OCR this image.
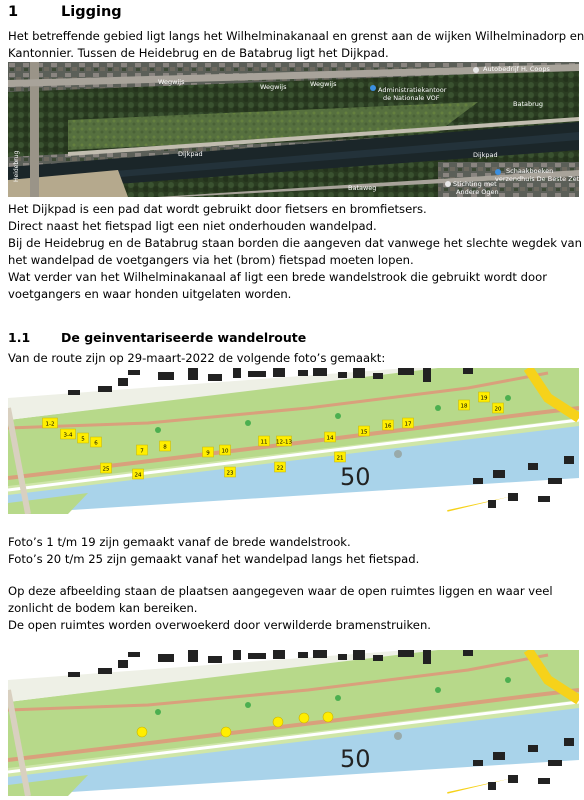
1	Ligging
Het betreffende gebied ligt langs het Wilhelminakanaal en grenst aan de wijken Wilhelminadorp en
Kantonnier. Tussen de Heidebrug en de Batabrug ligt het Dijkpad.
Autobedrijf H. Coops
Administratiekantoor
de Nationale VOF
Schaakboeken
verzendhuis De Beste Zet
Stichting met
Andere Ogen
Wegwijs
Wegwijs	Wegwijs
Batabrug
Dijkpad	Dijkpad
Bataweg
Heidebrug
Het Dijkpad is een pad dat wordt gebruikt door fietsers en bromfietsers.
Direct naast het fietspad ligt een niet onderhouden wandelpad.
Bij de Heidebrug en de Batabrug staan borden die aangeven dat vanwege het slechte wegdek van
het wandelpad de voetgangers via het (brom) fietspad moeten lopen.
Wat verder van het Wilhelminakanaal af ligt een brede wandelstrook die gebruikt wordt door
voetgangers en waar honden uitgelaten worden.
1.1 De geinventariseerde wandelroute
Van de route zijn op 29-maart-2022 de volgende foto’s gemaakt:
50
1-2
3-4
5
6
7
8
9 10
11 12-13
14
15
16 17
18
19
20
21
22
23
24
25
Foto’s 1 t/m 19 zijn gemaakt vanaf de brede wandelstrook.
Foto’s 20 t/m 25 zijn gemaakt vanaf het wandelpad langs het fietspad.
Op deze afbeelding staan de plaatsen aangegeven waar de open ruimtes liggen en waar veel
zonlicht de bodem kan bereiken.
De open ruimtes worden overwoekerd door verwilderde bramenstruiken.
50
